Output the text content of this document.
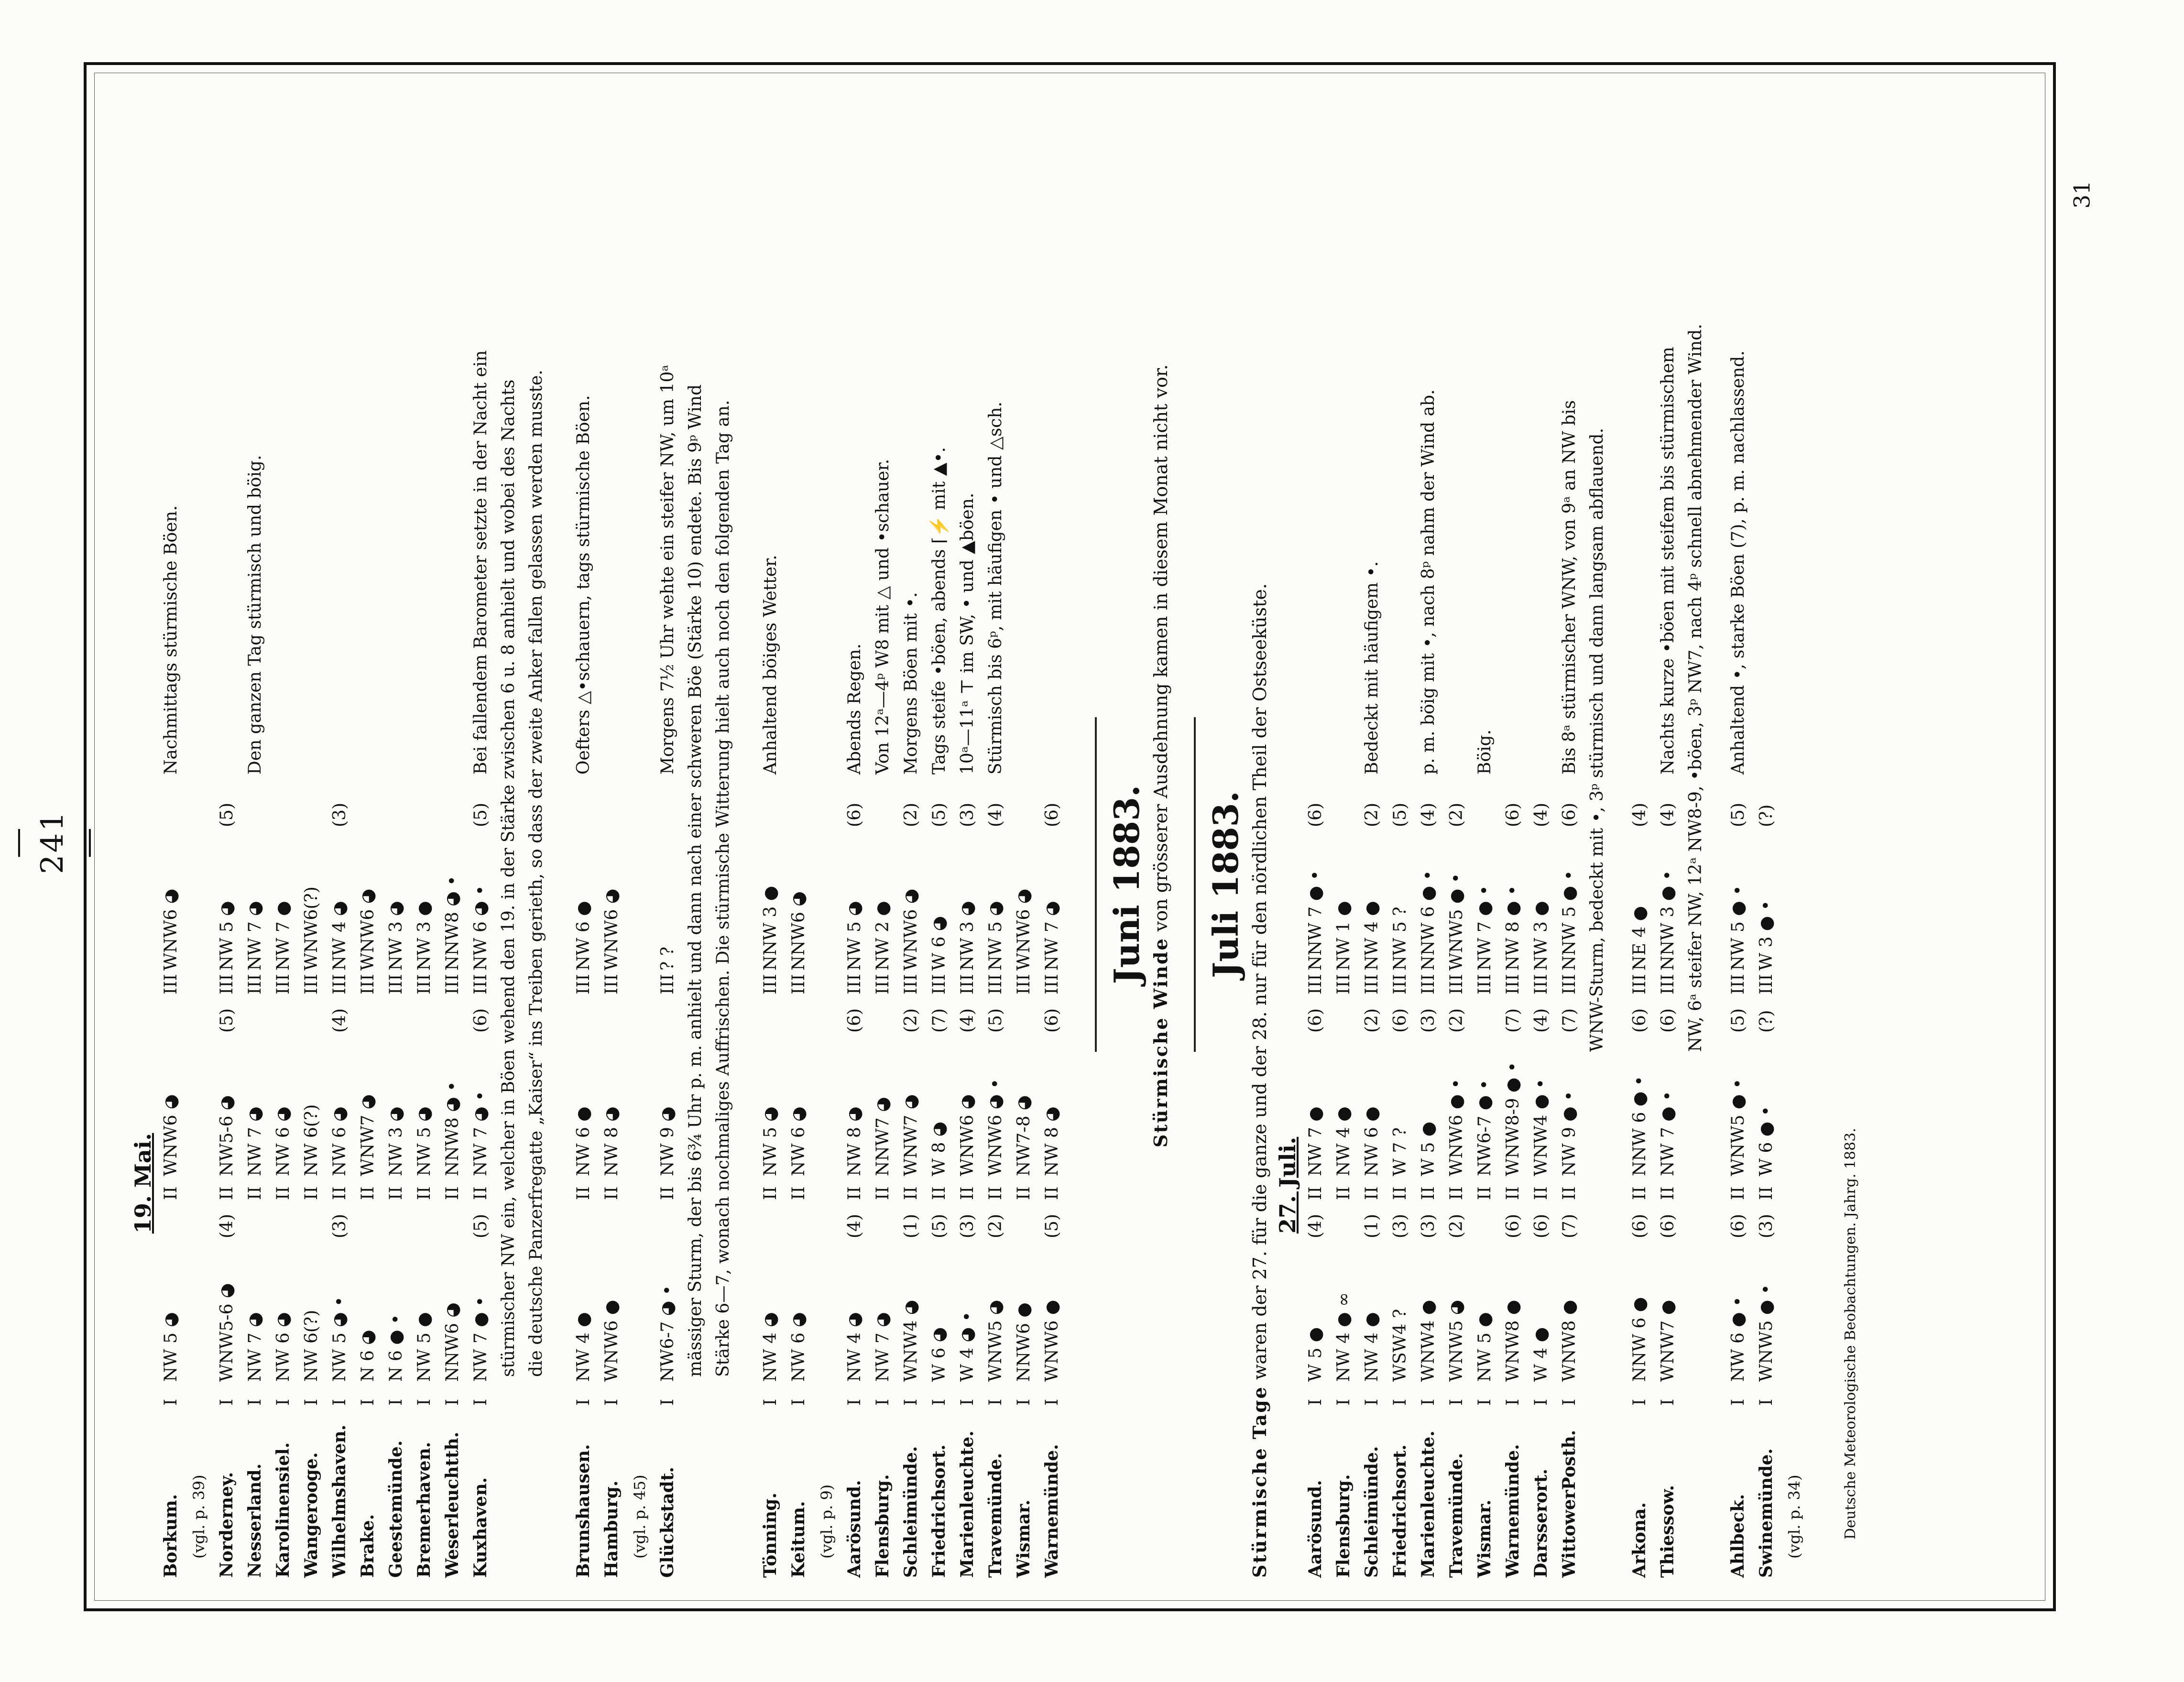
— 241 —
31
19. Mai.
Borkum.
I
NW 5 ◕
II
WNW6 ◕
III
WNW6 ◕
Nachmittags stürmische Böen.
(vgl. p. 39) Norderney.
I
WNW5-6 ◕
(4)
II
NW5-6 ◕
(5)
III
NW 5 ◕
(5)
Nesserland.
I
NW 7 ◕
II
NW 7 ◕
III
NW 7 ◕
Den ganzen Tag stürmisch und böig.
Karolinensiel.
I
NW 6 ◕
II
NW 6 ◕
III
NW 7 ●
Wangerooge.
I
NW 6(?)
II
NW 6(?)
III
WNW6(?)
Wilhelmshaven.
I
NW 5 ◕ •
(3)
II
NW 6 ◕
(4)
III
NW 4 ◕
(3)
Brake.
I
N 6 ◕
II
WNW7 ◕
III
WNW6 ◕
Geestemünde.
I
N 6 ● •
II
NW 3 ◕
III
NW 3 ◕
Bremerhaven.
I
NW 5 ●
II
NW 5 ◕
III
NW 3 ●
Weserleuchtth.
I
NNW6 ◕
II
NNW8 ◕ •
III
NNW8 ◕ •
Kuxhaven.
I
NW 7 ● •
(5)
II
NW 7 ◕ •
(6)
III
NW 6 ◕ •
(5)
Bei fallendem Barometer setzte in der Nacht ein stürmischer NW ein, welcher in Böen wehend den 19. in der Stärke zwischen 6 u. 8 anhielt und wobei des Nachts die deutsche Panzerfregatte „Kaiser“ ins Treiben gerieth, so dass der zweite Anker fallen gelassen werden musste.
Brunshausen.
I
NW 4 ●
II
NW 6 ●
III
NW 6 ●
Oefters △•schauern, tags stürmische Böen.
Hamburg.
I
WNW6 ●
II
NW 8 ◕
III
WNW6 ◕
(vgl. p. 45) Glückstadt.
I
NW6-7 ◕ •
II
NW 9 ◕
III
? ?
Morgens 7½ Uhr wehte ein steifer NW, um 10ᵃ mässiger Sturm, der bis 6¾ Uhr p. m. anhielt und dann nach einer schweren Böe (Stärke 10) endete. Bis 9ᵖ Wind Stärke 6—7, wonach nochmaliges Auffrischen. Die stürmische Witterung hielt auch noch den folgenden Tag an.
Tönning.
I
NW 4 ◕
II
NW 5 ◕
III
NNW 3 ●
Anhaltend böiges Wetter.
Keitum.
I
NW 6 ◕
II
NW 6 ◕
III
NNW6 ◕
(vgl. p. 9) Aarösund.
I
NW 4 ◕
(4)
II
NW 8 ◕
(6)
III
NW 5 ◕
(6)
Abends Regen.
Flensburg.
I
NW 7 ◕
II
NNW7 ◕
III
NW 2 ●
Von 12ᵃ—4ᵖ W8 mit △ und •schauer.
Schleimünde.
I
WNW4 ◕
(1)
II
WNW7 ◕
(2)
III
WNW6 ◕
(2)
Morgens Böen mit •.
Friedrichsort.
I
W 6 ◕
(5)
II
W 8 ◕
(7)
III
W 6 ◕
(5)
Tags steife •böen, abends ⌈⚡ mit ▲•.
Marienleuchte.
I
W 4 ◕ •
(3)
II
WNW6 ◕
(4)
III
NW 3 ◕
(3)
10ᵃ—11ᵃ ⊤ im SW, • und ▲böen.
Travemünde.
I
WNW5 ◕
(2)
II
WNW6 ◕ •
(5)
III
NW 5 ◕
(4)
Stürmisch bis 6ᵖ, mit häufigen • und △sch.
Wismar.
I
NNW6 ●
II
NW7-8 ◕
III
WNW6 ◕
Warnemünde.
I
WNW6 ●
(5)
II
NW 8 ◕
(6)
III
NW 7 ◕
(6) Juni 1883.
Stürmische Winde

von grösserer Ausdehnung kamen in diesem Monat nicht vor. Juli 1883.
Stürmische Tage

waren der 27. für die ganze und der 28. nur für den nördlichen Theil der Ostseeküste. 27. Juli.
Aarösund.
I
W 5 ●
(4)
II
NW 7 ●
(6)
III
NNW 7 ● •
(6)
Flensburg.
I
NW 4 ● ∞
II
NW 4 ●
III
NW 1 ●
Schleimünde.
I
NW 4 ●
(1)
II
NW 6 ●
(2)
III
NW 4 ●
(2)
Bedeckt mit häufigem •.
Friedrichsort.
I
WSW4 ?
(3)
II
W 7 ?
(6)
III
NW 5 ?
(5)
Marienleuchte.
I
WNW4 ●
(3)
II
W 5 ●
(3)
III
NNW 6 ● •
(4)
p. m. böig mit •, nach 8ᵖ nahm der Wind ab.
Travemünde.
I
WNW5 ◕
(2)
II
WNW6 ● •
(2)
III
WNW5 ● •
(2)
Wismar.
I
NW 5 ●
II
NW6-7 ● •
III
NW 7 ● •
Böig.
Warnemünde.
I
WNW8 ●
(6)
II
WNW8-9 ● •
(7)
III
NW 8 ● •
(6)
Darsserort.
I
W 4 ●
(6)
II
WNW4 ● •
(4)
III
NW 3 ●
(4)
WittowerPosth.
I
WNW8 ●
(7)
II
NW 9 ● •
(7)
III
NNW 5 ● •
(6)
Bis 8ᵃ stürmischer WNW, von 9ᵃ an NW bis WNW-Sturm, bedeckt mit •, 3ᵖ stürmisch und dann langsam abflauend.
Arkona.
I
NNW 6 ●
(6)
II
NNW 6 ● •
(6)
III
NE 4 ●
(4)
Thiessow.
I
WNW7 ●
(6)
II
NW 7 ● •
(6)
III
NNW 3 ● •
(4)
Nachts kurze •böen mit steifem bis stürmischem NW, 6ᵃ steifer NW, 12ᵃ NW8-9, •böen, 3ᵖ NW7, nach 4ᵖ schnell abnehmender Wind.
Ahlbeck.
I
NW 6 ● •
(6)
II
WNW5 ● •
(5)
III
NW 5 ● •
(5)
Anhaltend •, starke Böen (7), p. m. nachlassend.
Swinemünde.
I
WNW5 ● •
(3)
II
W 6 ● •
(?)
III
W 3 ● •
(?)
(vgl. p. 34)	Deutsche Meteorologische Beobachtungen. Jahrg. 1883.
